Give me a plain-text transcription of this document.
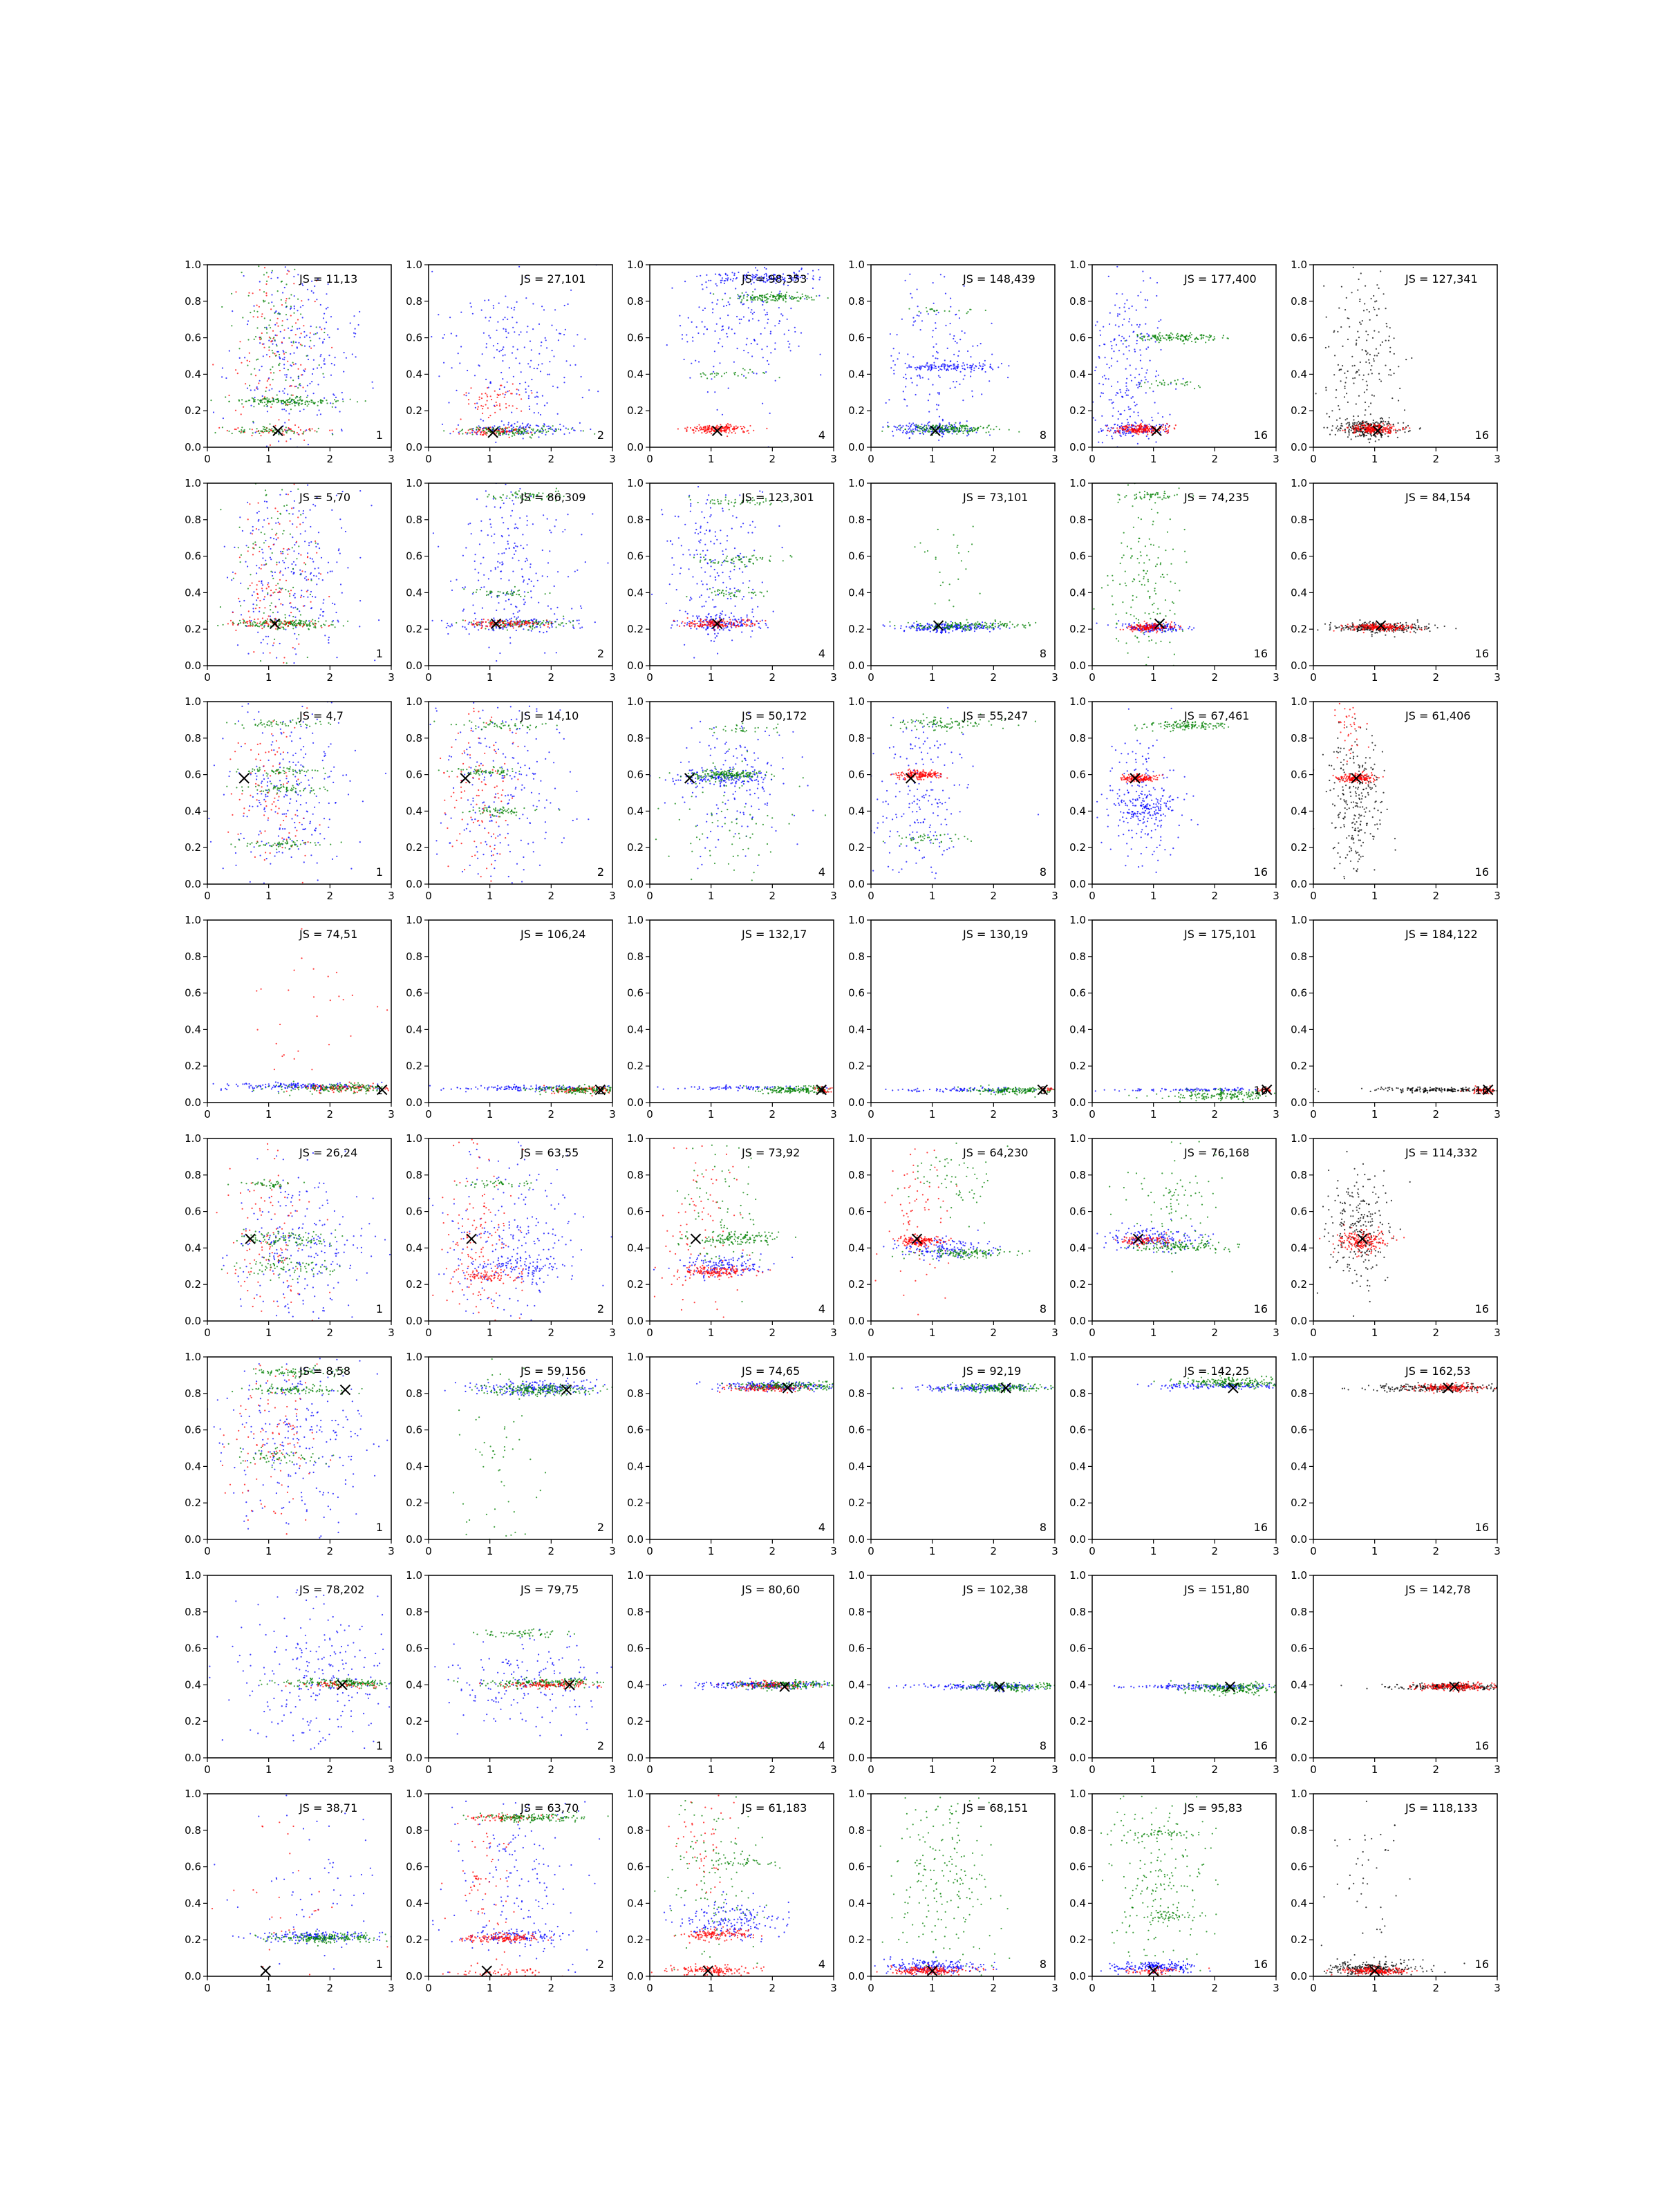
0	1	2	3
0.0
0.2
0.4
0.6
0.8
1.0
JS = 11,13
1
0	1	2	3
0.0
0.2
0.4
0.6
0.8
1.0
JS = 27,101
2
0	1	2	3
0.0
0.2
0.4
0.6
0.8
1.0
JS = 98,353
4
0	1	2	3
0.0
0.2
0.4
0.6
0.8
1.0
JS = 148,439
8
0	1	2	3
0.0
0.2
0.4
0.6
0.8
1.0
JS = 177,400
16
0	1	2	3
0.0
0.2
0.4
0.6
0.8
1.0
JS = 127,341
16
0	1	2	3
0.0
0.2
0.4
0.6
0.8
1.0
JS = 5,70
1
0	1	2	3
0.0
0.2
0.4
0.6
0.8
1.0
JS = 86,309
2
0	1	2	3
0.0
0.2
0.4
0.6
0.8
1.0
JS = 123,301
4
0	1	2	3
0.0
0.2
0.4
0.6
0.8
1.0
JS = 73,101
8
0	1	2	3
0.0
0.2
0.4
0.6
0.8
1.0
JS = 74,235
16
0	1	2	3
0.0
0.2
0.4
0.6
0.8
1.0
JS = 84,154
16
0	1	2	3
0.0
0.2
0.4
0.6
0.8
1.0
JS = 4,7
1
0	1	2	3
0.0
0.2
0.4
0.6
0.8
1.0
JS = 14,10
2
0	1	2	3
0.0
0.2
0.4
0.6
0.8
1.0
JS = 50,172
4
0	1	2	3
0.0
0.2
0.4
0.6
0.8
1.0
JS = 55,247
8
0	1	2	3
0.0
0.2
0.4
0.6
0.8
1.0
JS = 67,461
16
0	1	2	3
0.0
0.2
0.4
0.6
0.8
1.0
JS = 61,406
16
0	1	2	3
0.0
0.2
0.4
0.6
0.8
1.0
JS = 74,51
1
0	1	2	3
0.0
0.2
0.4
0.6
0.8
1.0
JS = 106,24
2
0	1	2	3
0.0
0.2
0.4
0.6
0.8
1.0
JS = 132,17
4
0	1	2	3
0.0
0.2
0.4
0.6
0.8
1.0
JS = 130,19
8
0	1	2	3
0.0
0.2
0.4
0.6
0.8
1.0
JS = 175,101
16
0	1	2	3
0.0
0.2
0.4
0.6
0.8
1.0
JS = 184,122
16
0	1	2	3
0.0
0.2
0.4
0.6
0.8
1.0
JS = 26,24
1
0	1	2	3
0.0
0.2
0.4
0.6
0.8
1.0
JS = 63,55
2
0	1	2	3
0.0
0.2
0.4
0.6
0.8
1.0
JS = 73,92
4
0	1	2	3
0.0
0.2
0.4
0.6
0.8
1.0
JS = 64,230
8
0	1	2	3
0.0
0.2
0.4
0.6
0.8
1.0
JS = 76,168
16
0	1	2	3
0.0
0.2
0.4
0.6
0.8
1.0
JS = 114,332
16
0	1	2	3
0.0
0.2
0.4
0.6
0.8
1.0
JS = 8,58
1
0	1	2	3
0.0
0.2
0.4
0.6
0.8
1.0
JS = 59,156
2
0	1	2	3
0.0
0.2
0.4
0.6
0.8
1.0
JS = 74,65
4
0	1	2	3
0.0
0.2
0.4
0.6
0.8
1.0
JS = 92,19
8
0	1	2	3
0.0
0.2
0.4
0.6
0.8
1.0
JS = 142,25
16
0	1	2	3
0.0
0.2
0.4
0.6
0.8
1.0
JS = 162,53
16
0	1	2	3
0.0
0.2
0.4
0.6
0.8
1.0
JS = 78,202
1
0	1	2	3
0.0
0.2
0.4
0.6
0.8
1.0
JS = 79,75
2
0	1	2	3
0.0
0.2
0.4
0.6
0.8
1.0
JS = 80,60
4
0	1	2	3
0.0
0.2
0.4
0.6
0.8
1.0
JS = 102,38
8
0	1	2	3
0.0
0.2
0.4
0.6
0.8
1.0
JS = 151,80
16
0	1	2	3
0.0
0.2
0.4
0.6
0.8
1.0
JS = 142,78
16
0	1	2	3
0.0
0.2
0.4
0.6
0.8
1.0
JS = 38,71
1
0	1	2	3
0.0
0.2
0.4
0.6
0.8
1.0
JS = 63,70
2
0	1	2	3
0.0
0.2
0.4
0.6
0.8
1.0
JS = 61,183
4
0	1	2	3
0.0
0.2
0.4
0.6
0.8
1.0
JS = 68,151
8
0	1	2	3
0.0
0.2
0.4
0.6
0.8
1.0
JS = 95,83
16
0	1	2	3
0.0
0.2
0.4
0.6
0.8
1.0
JS = 118,133
16
